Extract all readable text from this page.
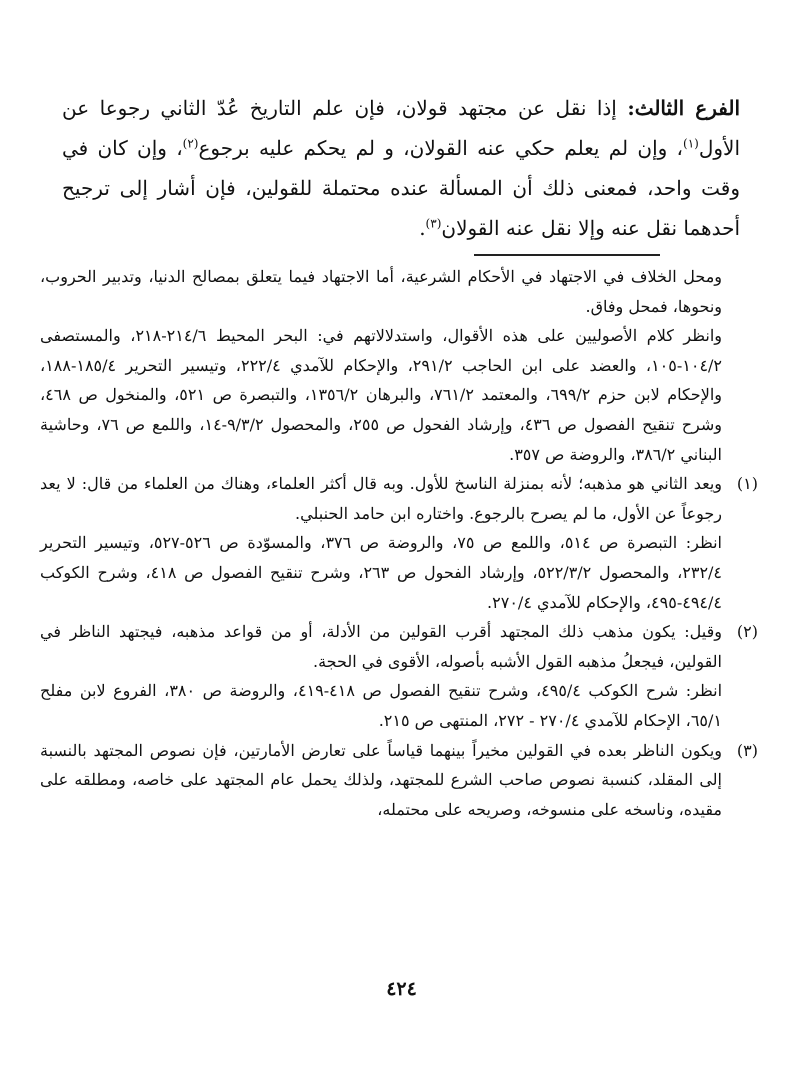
الفرع الثالث: إذا نقل عن مجتهد قولان، فإن علم التاريخ عُدّ الثاني رجوعا عن الأول$^{(١)}$، وإن لم يعلم حكي عنه القولان، و لم يحكم عليه برجوع$^{(٢)}$، وإن كان في وقت واحد، فمعنى ذلك أن المسألة عنده محتملة للقولين، فإن أشار إلى ترجيح أحدهما نقل عنه وإلا نقل عنه القولان$^{(٣)}$.

ومحل الخلاف في الاجتهاد في الأحكام الشرعية، أما الاجتهاد فيما يتعلق بمصالح الدنيا، وتدبير الحروب، ونحوها، فمحل وفاق.

وانظر كلام الأصوليين على هذه الأقوال، واستدلالاتهم في: البحر المحيط ٢١٤/٦-٢١٨، والمستصفى ١٠٤/٢-١٠٥، والعضد على ابن الحاجب ٢٩١/٢، والإحكام للآمدي ٢٢٢/٤، وتيسير التحرير ١٨٥/٤-١٨٨، والإحكام لابن حزم ٦٩٩/٢، والمعتمد ٧٦١/٢، والبرهان ١٣٥٦/٢، والتبصرة ص ٥٢١، والمنخول ص ٤٦٨، وشرح تنقيح الفصول ص ٤٣٦، وإرشاد الفحول ص ٢٥٥، والمحصول ٩/٣/٢-١٤، واللمع ص ٧٦، وحاشية البناني ٣٨٦/٢، والروضة ص ٣٥٧.

(١)ويعد الثاني هو مذهبه؛ لأنه بمنزلة الناسخ للأول. وبه قال أكثر العلماء، وهناك من العلماء من قال: لا يعد رجوعاً عن الأول، ما لم يصرح بالرجوع. واختاره ابن حامد الحنبلي.

انظر: التبصرة ص ٥١٤، واللمع ص ٧٥، والروضة ص ٣٧٦، والمسوّدة ص ٥٢٦-٥٢٧، وتيسير التحرير ٢٣٢/٤، والمحصول ٥٢٢/٣/٢، وإرشاد الفحول ص ٢٦٣، وشرح تنقيح الفصول ص ٤١٨، وشرح الكوكب ٤٩٤/٤-٤٩٥، والإحكام للآمدي ٢٧٠/٤.

(٢)وقيل: يكون مذهب ذلك المجتهد أقرب القولين من الأدلة، أو من قواعد مذهبه، فيجتهد الناظر في القولين، فيجعلُ مذهبه القول الأشبه بأصوله، الأقوى في الحجة.

انظر: شرح الكوكب ٤٩٥/٤، وشرح تنقيح الفصول ص ٤١٨-٤١٩، والروضة ص ٣٨٠، الفروع لابن مفلح ٦٥/١، الإحكام للآمدي ٢٧٠/٤ - ٢٧٢، المنتهى ص ٢١٥.

(٣)ويكون الناظر بعده في القولين مخيراً بينهما قياساً على تعارض الأمارتين، فإن نصوص المجتهد بالنسبة إلى المقلد، كنسبة نصوص صاحب الشرع للمجتهد، ولذلك يحمل عام المجتهد على خاصه، ومطلقه على مقيده، وناسخه على منسوخه، وصريحه على محتمله،

٤٢٤
